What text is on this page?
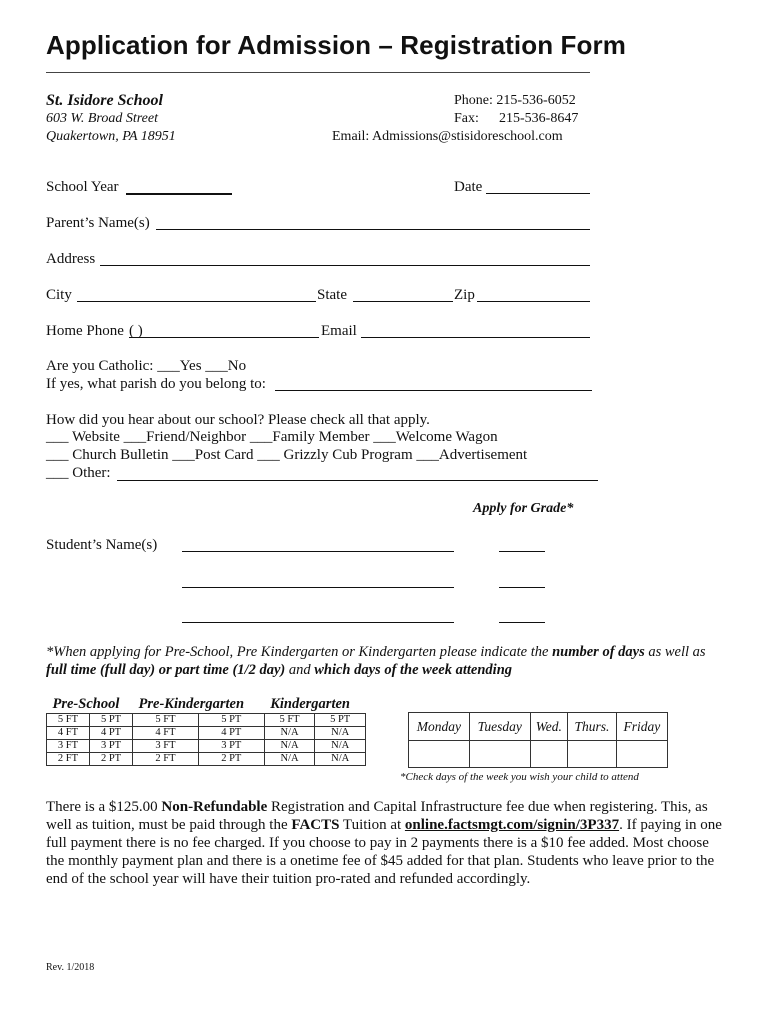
Application for Admission – Registration Form
St. Isidore School
603 W. Broad Street
Quakertown, PA 18951
Phone: 215-536-6052
Fax: 215-536-8647
Email: Admissions@stisidoreschool.com
School Year	Date
Parent’s Name(s)
Address
City	State	Zip
Home Phone ( )	Email
Are you Catholic: ___Yes ___No
If yes, what parish do you belong to:
How did you hear about our school? Please check all that apply.
___ Website ___Friend/Neighbor ___Family Member ___Welcome Wagon
___ Church Bulletin ___Post Card ___ Grizzly Cub Program ___Advertisement
___ Other:
Apply for Grade*
Student’s Name(s)
*When applying for Pre-School, Pre Kindergarten or Kindergarten please indicate the number of days as well as full time (full day) or part time (1/2 day) and which days of the week attending
Pre-School		Pre-Kindergarten		Kindergarten	
5 FT	5 PT	5 FT	5 PT	5 FT	5 PT
4 FT	4 PT	4 FT	4 PT	N/A	N/A
3 FT	3 PT	3 FT	3 PT	N/A	N/A
2 FT	2 PT	2 FT	2 PT	N/A	N/A
Monday	Tuesday	Wed.	Thurs.	Friday

*Check days of the week you wish your child to attend
There is a $125.00 Non-Refundable Registration and Capital Infrastructure fee due when registering. This, as well as tuition, must be paid through the FACTS Tuition at online.factsmgt.com/signin/3P337. If paying in one full payment there is no fee charged. If you choose to pay in 2 payments there is a $10 fee added. Most choose the monthly payment plan and there is a onetime fee of $45 added for that plan. Students who leave prior to the end of the school year will have their tuition pro-rated and refunded accordingly.
Rev. 1/2018
